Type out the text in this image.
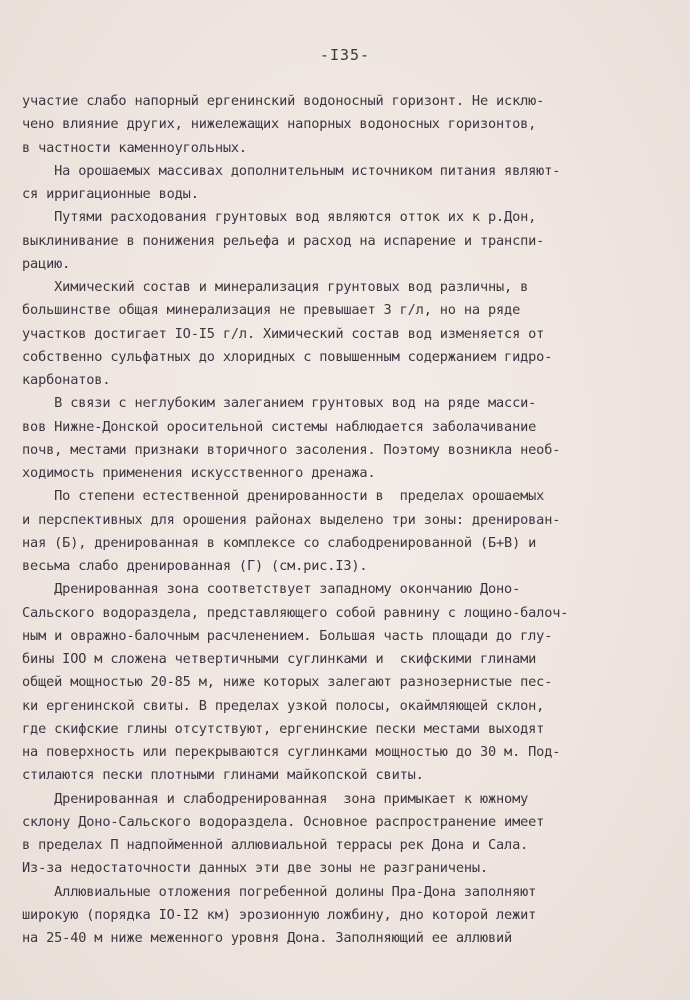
-I35-
участие слабо напорный ергенинский водоносный горизонт. Не исклю-
чено влияние других, нижележащих напорных водоносных горизонтов,
в частности каменноугольных.
На орошаемых массивах дополнительным источником питания являют-
ся ирригационные воды.
Путями расходования грунтовых вод являются отток их к р.Дон,
выклинивание в понижения рельефа и расход на испарение и транспи-
рацию.
Химический состав и минерализация грунтовых вод различны, в
большинстве общая минерализация не превышает 3 г/л, но на ряде
участков достигает IO-I5 г/л. Химический состав вод изменяется от
собственно сульфатных до хлоридных с повышенным содержанием гидро-
карбонатов.
В связи с неглубоким залеганием грунтовых вод на ряде масси-
вов Нижне-Донской оросительной системы наблюдается заболачивание
почв, местами признаки вторичного засоления. Поэтому возникла необ-
ходимость применения искусственного дренажа.
По степени естественной дренированности в  пределах орошаемых
и перспективных для орошения районах выделено три зоны: дренирован-
ная (Б), дренированная в комплексе со слабодренированной (Б+В) и
весьма слабо дренированная (Г) (см.рис.I3).
Дренированная зона соответствует западному окончанию Доно-
Сальского водораздела, представляющего собой равнину с лощино-балоч-
ным и овражно-балочным расчленением. Большая часть площади до глу-
бины IOO м сложена четвертичными суглинками и  скифскими глинами
общей мощностью 20-85 м, ниже которых залегают разнозернистые пес-
ки ергенинской свиты. В пределах узкой полосы, окаймляющей склон,
где скифские глины отсутствуют, ергенинские пески местами выходят
на поверхность или перекрываются суглинками мощностью до 30 м. Под-
стилаются пески плотными глинами майкопской свиты.
Дренированная и слабодренированная  зона примыкает к южному
склону Доно-Сальского водораздела. Основное распространение имеет
в пределах П надпойменной аллювиальной террасы рек Дона и Сала.
Из-за недостаточности данных эти две зоны не разграничены.
Аллювиальные отложения погребенной долины Пра-Дона заполняют
широкую (порядка IO-I2 км) эрозионную ложбину, дно которой лежит
на 25-40 м ниже меженного уровня Дона. Заполняющий ее аллювий
